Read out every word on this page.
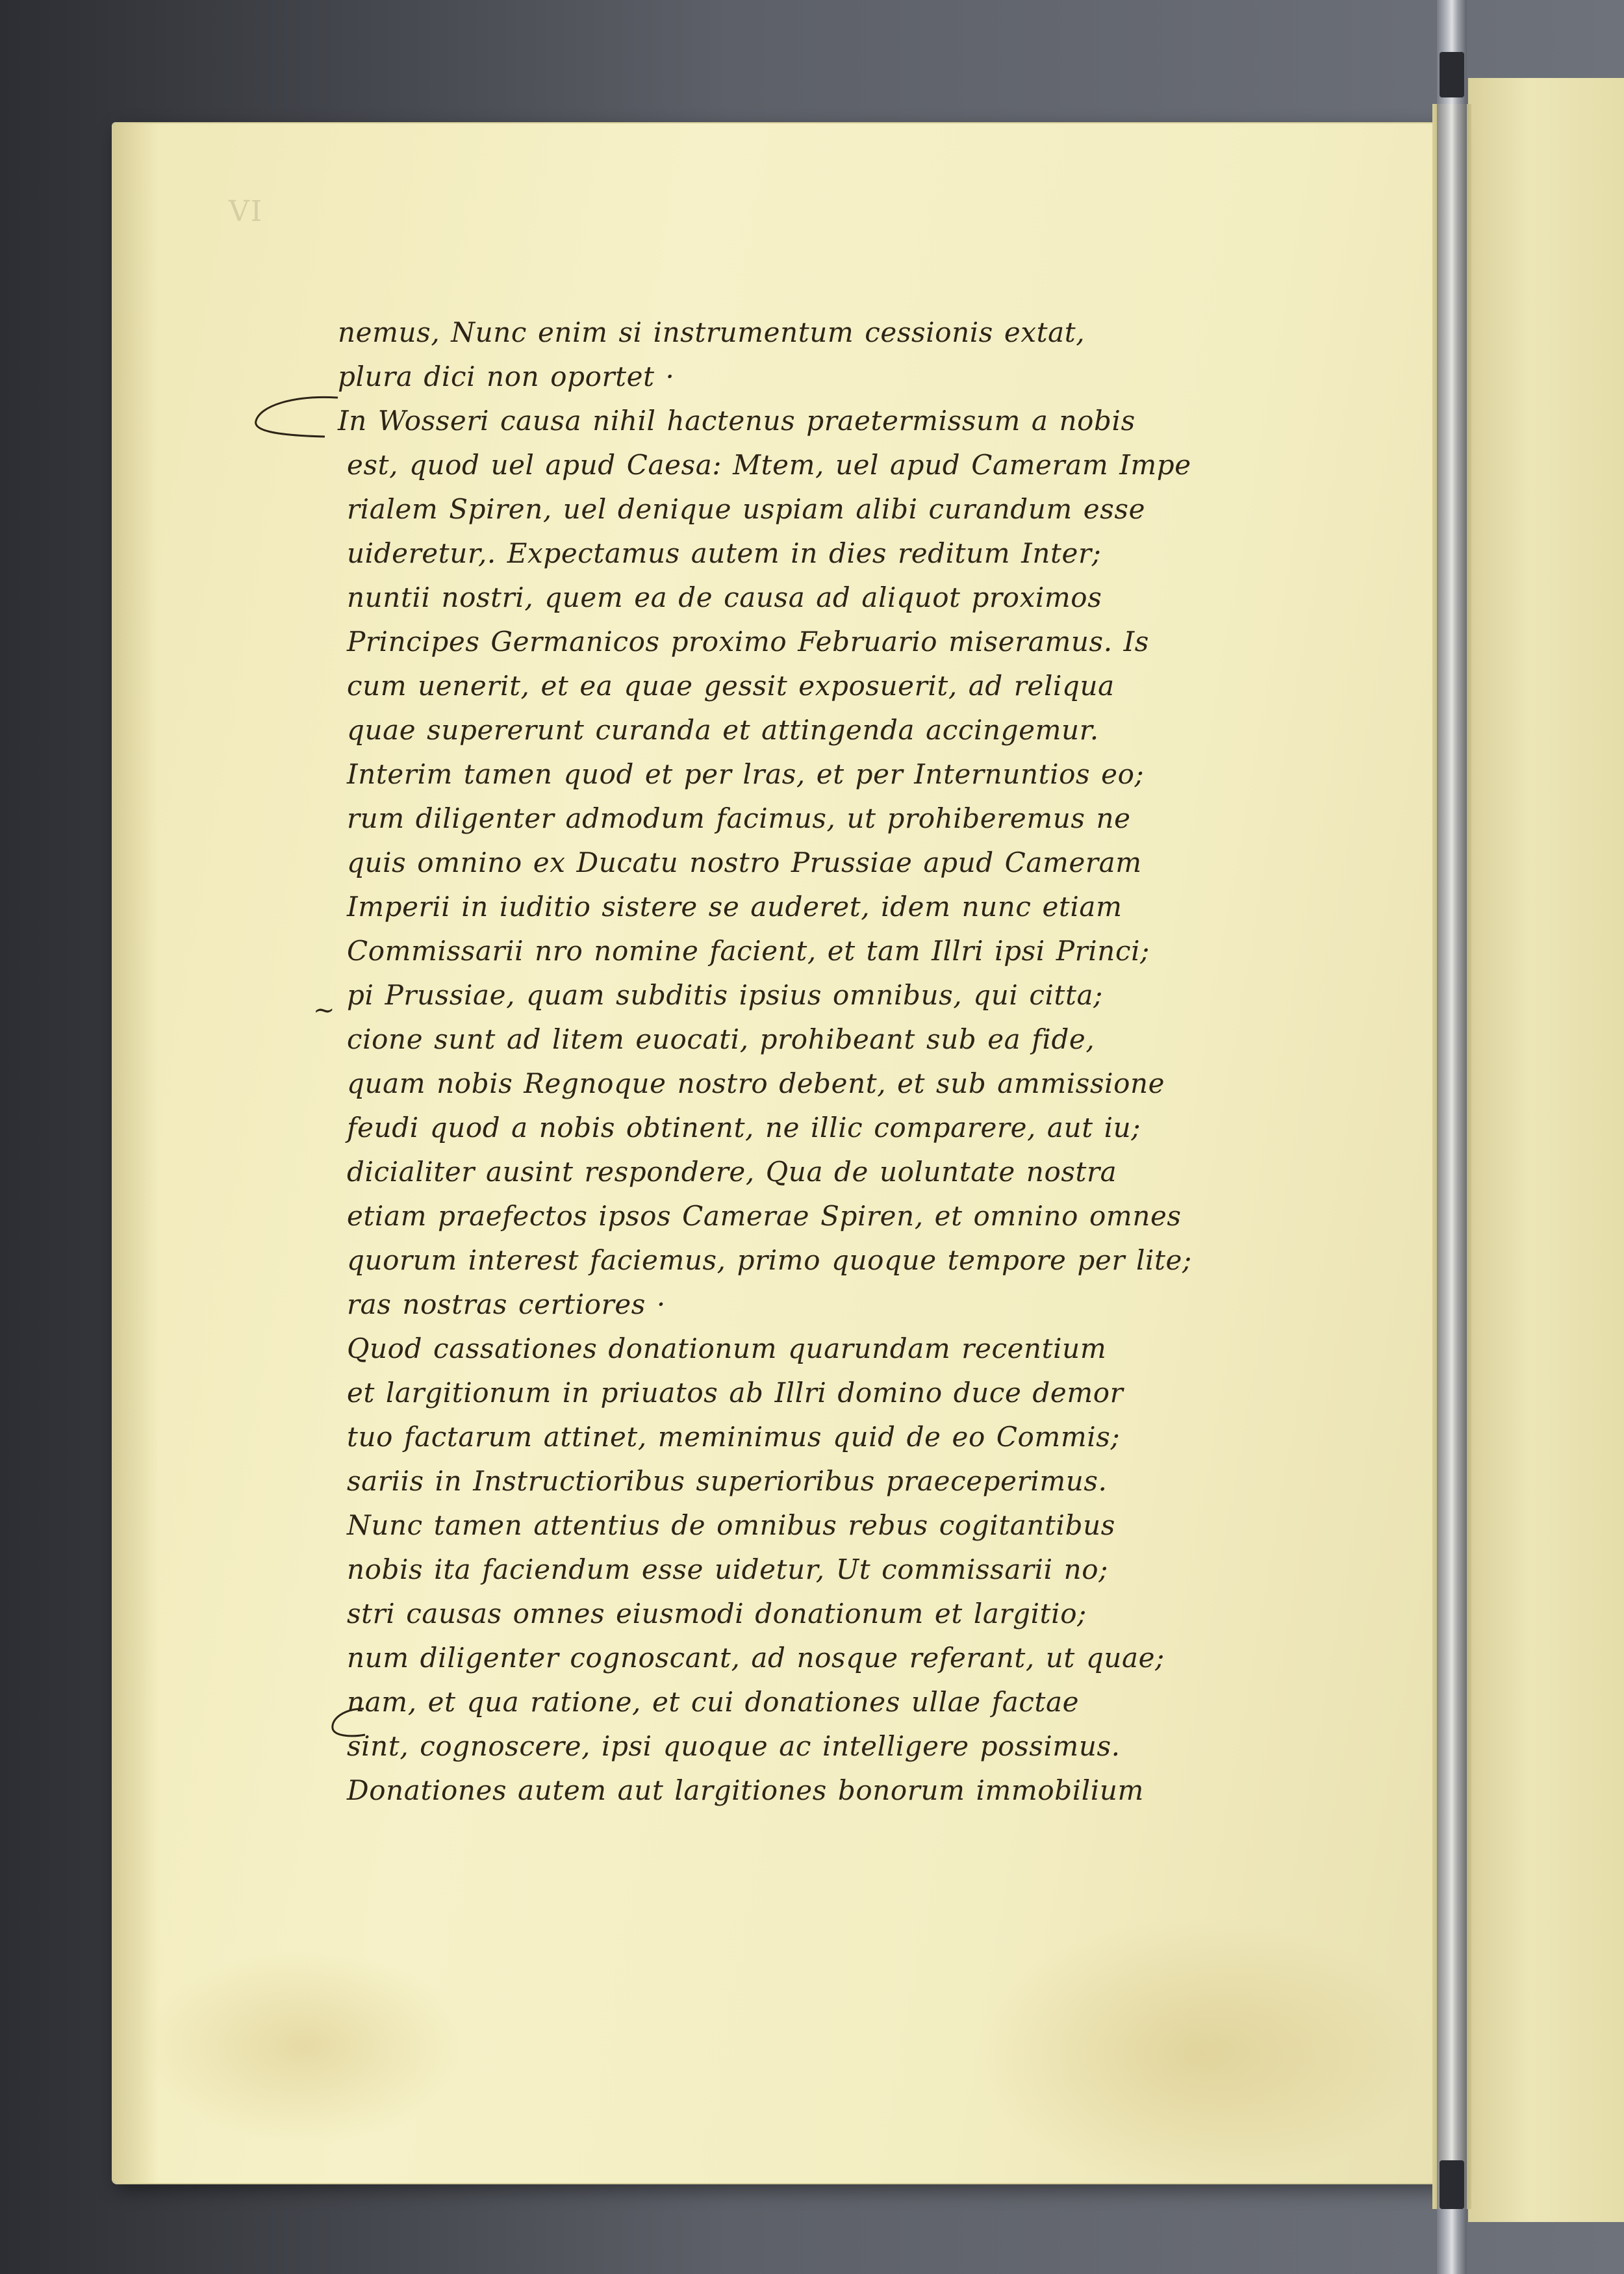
VI
~
nemus, Nunc enim si instrumentum cessionis extat,
plura dici non oportet ·
In Wosseri causa nihil hactenus praetermissum a nobis
est, quod uel apud Caesa: Mtem, uel apud Cameram Impe
rialem Spiren, uel denique uspiam alibi curandum esse
uideretur,. Expectamus autem in dies reditum Inter;
nuntii nostri, quem ea de causa ad aliquot proximos
Principes Germanicos proximo Februario miseramus. Is
cum uenerit, et ea quae gessit exposuerit, ad reliqua
quae supererunt curanda et attingenda accingemur.
Interim tamen quod et per lras, et per Internuntios eo;
rum diligenter admodum facimus, ut prohiberemus ne
quis omnino ex Ducatu nostro Prussiae apud Cameram
Imperii in iuditio sistere se auderet, idem nunc etiam
Commissarii nro nomine facient, et tam Illri ipsi Princi;
pi Prussiae, quam subditis ipsius omnibus, qui citta;
cione sunt ad litem euocati, prohibeant sub ea fide,
quam nobis Regnoque nostro debent, et sub ammissione
feudi quod a nobis obtinent, ne illic comparere, aut iu;
dicialiter ausint respondere, Qua de uoluntate nostra
etiam praefectos ipsos Camerae Spiren, et omnino omnes
quorum interest faciemus, primo quoque tempore per lite;
ras nostras certiores ·
Quod cassationes donationum quarundam recentium
et largitionum in priuatos ab Illri domino duce demor
tuo factarum attinet, meminimus quid de eo Commis;
sariis in Instructioribus superioribus praeceperimus.
Nunc tamen attentius de omnibus rebus cogitantibus
nobis ita faciendum esse uidetur, Ut commissarii no;
stri causas omnes eiusmodi donationum et largitio;
num diligenter cognoscant, ad nosque referant, ut quae;
nam, et qua ratione, et cui donationes ullae factae
sint, cognoscere, ipsi quoque ac intelligere possimus.
Donationes autem aut largitiones bonorum immobilium
